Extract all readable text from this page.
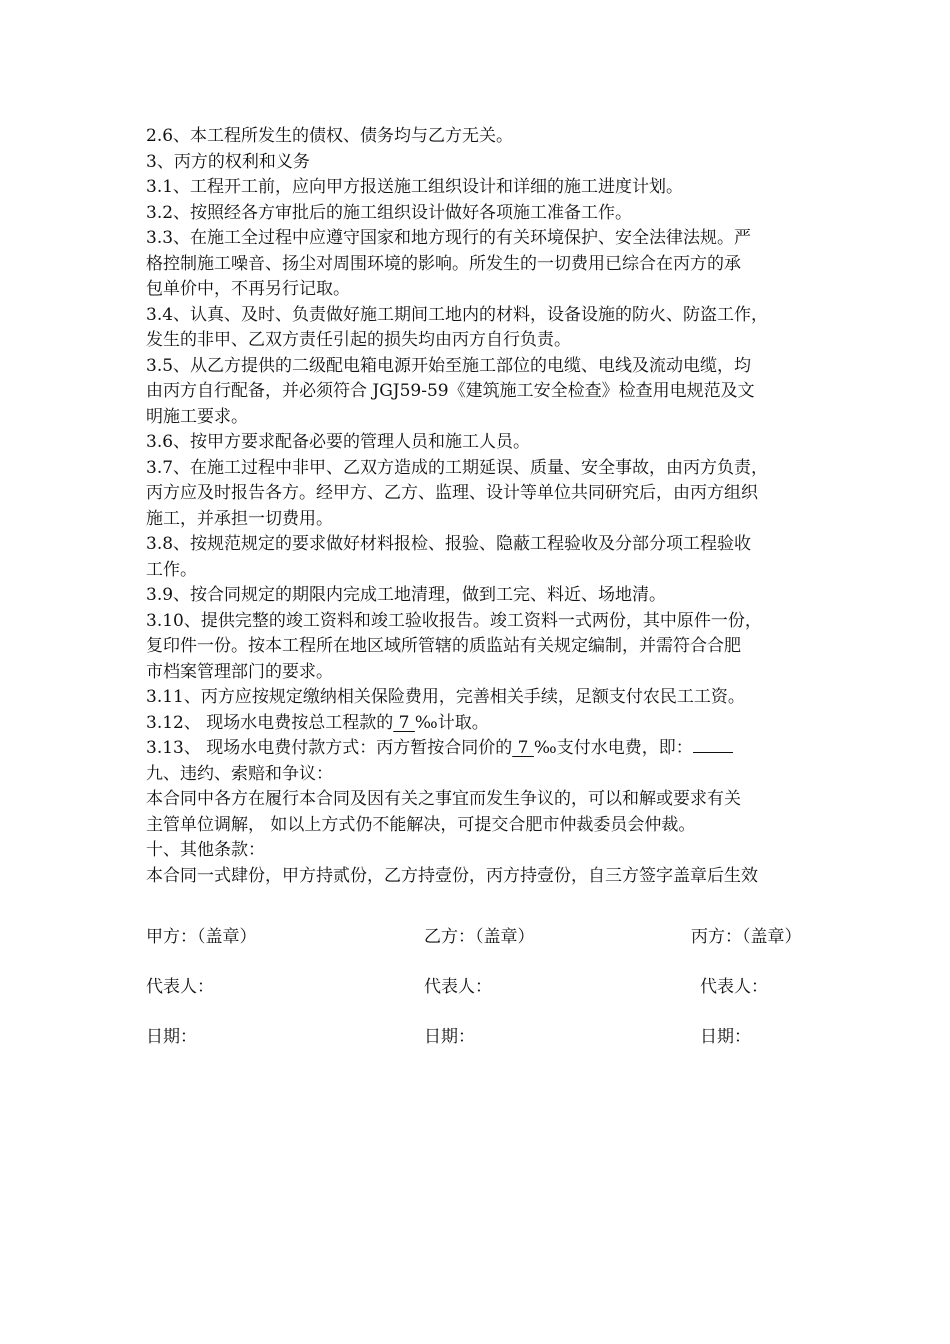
2.6、本工程所发生的债权、债务均与乙方无关。
3、丙方的权利和义务
3.1、工程开工前，应向甲方报送施工组织设计和详细的施工进度计划。
3.2、按照经各方审批后的施工组织设计做好各项施工准备工作。
3.3、在施工全过程中应遵守国家和地方现行的有关环境保护、安全法律法规。严
格控制施工噪音、扬尘对周围环境的影响。所发生的一切费用已综合在丙方的承
包单价中，不再另行记取。
3.4、认真、及时、负责做好施工期间工地内的材料，设备设施的防火、防盗工作，
发生的非甲、乙双方责任引起的损失均由丙方自行负责。
3.5、从乙方提供的二级配电箱电源开始至施工部位的电缆、电线及流动电缆，均
由丙方自行配备，并必须符合 JGJ59-59《建筑施工安全检查》检查用电规范及文
明施工要求。
3.6、按甲方要求配备必要的管理人员和施工人员。
3.7、在施工过程中非甲、乙双方造成的工期延误、质量、安全事故，由丙方负责，
丙方应及时报告各方。经甲方、乙方、监理、设计等单位共同研究后，由丙方组织
施工，并承担一切费用。
3.8、按规范规定的要求做好材料报检、报验、隐蔽工程验收及分部分项工程验收
工作。
3.9、按合同规定的期限内完成工地清理，做到工完、料近、场地清。
3.10、提供完整的竣工资料和竣工验收报告。竣工资料一式两份，其中原件一份，
复印件一份。按本工程所在地区域所管辖的质监站有关规定编制，并需符合合肥
市档案管理部门的要求。
3.11、丙方应按规定缴纳相关保险费用，完善相关手续，足额支付农民工工资。
3.12、 现场水电费按总工程款的 7 ‰计取。
3.13、 现场水电费付款方式：丙方暂按合同价的 7 ‰支付水电费，即：
九、违约、索赔和争议：
本合同中各方在履行本合同及因有关之事宜而发生争议的，可以和解或要求有关
主管单位调解， 如以上方式仍不能解决，可提交合肥市仲裁委员会仲裁。
十、其他条款：
本合同一式肆份，甲方持贰份，乙方持壹份，丙方持壹份，自三方签字盖章后生效
甲方：（盖章）	乙方：（盖章）	丙方：（盖章）
代表人：	代表人：	代表人：
日期：	日期：	日期：
